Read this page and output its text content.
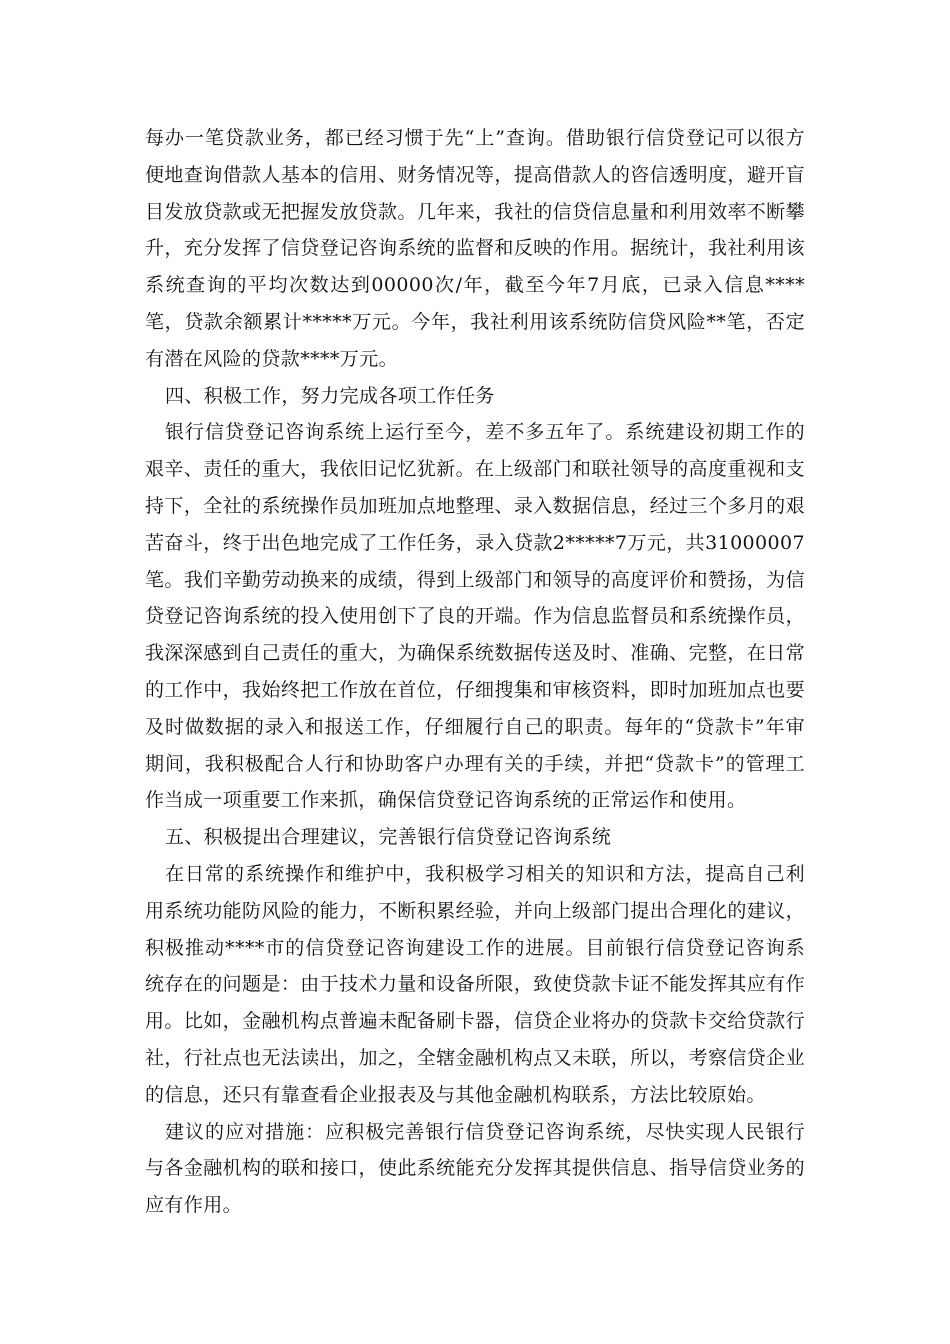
每办一笔贷款业务，都已经习惯于先“上”查询。借助银行信贷登记可以很方便地查询借款人基本的信用、财务情况等，提高借款人的咨信透明度，避开盲目发放贷款或无把握发放贷款。几年来，我社的信贷信息量和利用效率不断攀升，充分发挥了信贷登记咨询系统的监督和反映的作用。据统计，我社利用该系统查询的平均次数达到00000次/年，截至今年7月底，已录入信息****笔，贷款余额累计*****万元。今年，我社利用该系统防信贷风险**笔，否定有潜在风险的贷款****万元。

四、积极工作，努力完成各项工作任务

银行信贷登记咨询系统上运行至今，差不多五年了。系统建设初期工作的艰辛、责任的重大，我依旧记忆犹新。在上级部门和联社领导的高度重视和支持下，全社的系统操作员加班加点地整理、录入数据信息，经过三个多月的艰苦奋斗，终于出色地完成了工作任务，录入贷款2*****7万元，共31000007笔。我们辛勤劳动换来的成绩，得到上级部门和领导的高度评价和赞扬，为信贷登记咨询系统的投入使用创下了良的开端。作为信息监督员和系统操作员，我深深感到自己责任的重大，为确保系统数据传送及时、准确、完整，在日常的工作中，我始终把工作放在首位，仔细搜集和审核资料，即时加班加点也要及时做数据的录入和报送工作，仔细履行自己的职责。每年的“贷款卡”年审期间，我积极配合人行和协助客户办理有关的手续，并把“贷款卡”的管理工作当成一项重要工作来抓，确保信贷登记咨询系统的正常运作和使用。

五、积极提出合理建议，完善银行信贷登记咨询系统

在日常的系统操作和维护中，我积极学习相关的知识和方法，提高自己利用系统功能防风险的能力，不断积累经验，并向上级部门提出合理化的建议，积极推动****市的信贷登记咨询建设工作的进展。目前银行信贷登记咨询系统存在的问题是：由于技术力量和设备所限，致使贷款卡证不能发挥其应有作用。比如，金融机构点普遍未配备刷卡器，信贷企业将办的贷款卡交给贷款行社，行社点也无法读出，加之，全辖金融机构点又未联，所以，考察信贷企业的信息，还只有靠查看企业报表及与其他金融机构联系，方法比较原始。

建议的应对措施：应积极完善银行信贷登记咨询系统，尽快实现人民银行与各金融机构的联和接口，使此系统能充分发挥其提供信息、指导信贷业务的应有作用。
